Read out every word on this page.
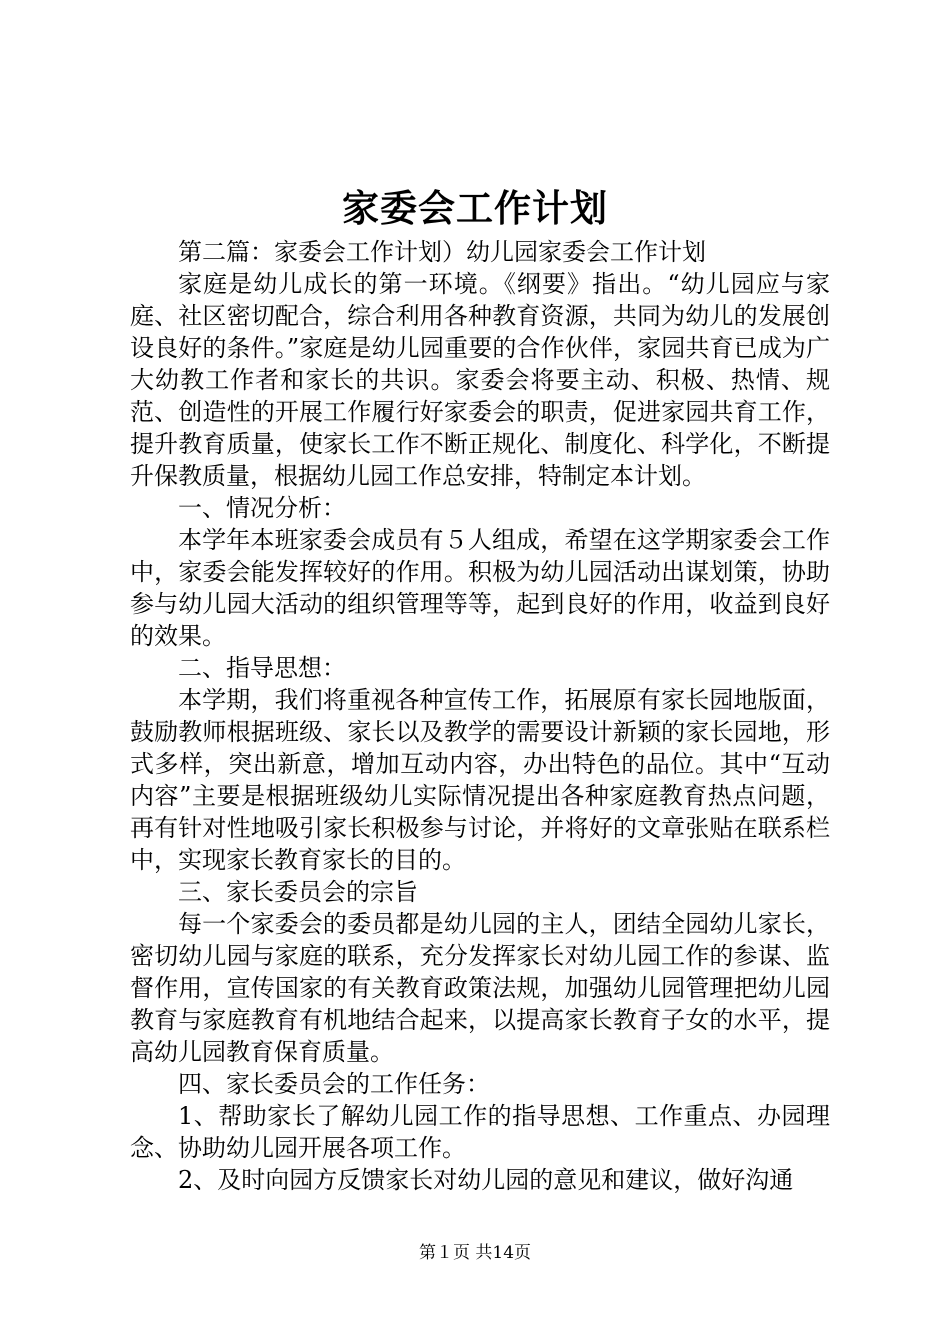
家委会工作计划

第二篇：家委会工作计划）幼儿园家委会工作计划

家庭是幼儿成长的第一环境。《纲要》指出。“幼儿园应与家庭、社区密切配合，综合利用各种教育资源，共同为幼儿的发展创设良好的条件。”家庭是幼儿园重要的合作伙伴，家园共育已成为广大幼教工作者和家长的共识。家委会将要主动、积极、热情、规范、创造性的开展工作履行好家委会的职责，促进家园共育工作，提升教育质量，使家长工作不断正规化、制度化、科学化，不断提升保教质量，根据幼儿园工作总安排，特制定本计划。

一、情况分析：

本学年本班家委会成员有５人组成，希望在这学期家委会工作中，家委会能发挥较好的作用。积极为幼儿园活动出谋划策，协助参与幼儿园大活动的组织管理等等，起到良好的作用，收益到良好的效果。

二、指导思想：

本学期，我们将重视各种宣传工作，拓展原有家长园地版面，鼓励教师根据班级、家长以及教学的需要设计新颖的家长园地，形式多样，突出新意，增加互动内容，办出特色的品位。其中“互动内容”主要是根据班级幼儿实际情况提出各种家庭教育热点问题，再有针对性地吸引家长积极参与讨论，并将好的文章张贴在联系栏中，实现家长教育家长的目的。

三、家长委员会的宗旨

每一个家委会的委员都是幼儿园的主人，团结全园幼儿家长，密切幼儿园与家庭的联系，充分发挥家长对幼儿园工作的参谋、监督作用，宣传国家的有关教育政策法规，加强幼儿园管理把幼儿园教育与家庭教育有机地结合起来，以提高家长教育子女的水平，提高幼儿园教育保育质量。

四、家长委员会的工作任务：

1、帮助家长了解幼儿园工作的指导思想、工作重点、办园理念、协助幼儿园开展各项工作。

2、及时向园方反馈家长对幼儿园的意见和建议，做好沟通

第１页 共14页
